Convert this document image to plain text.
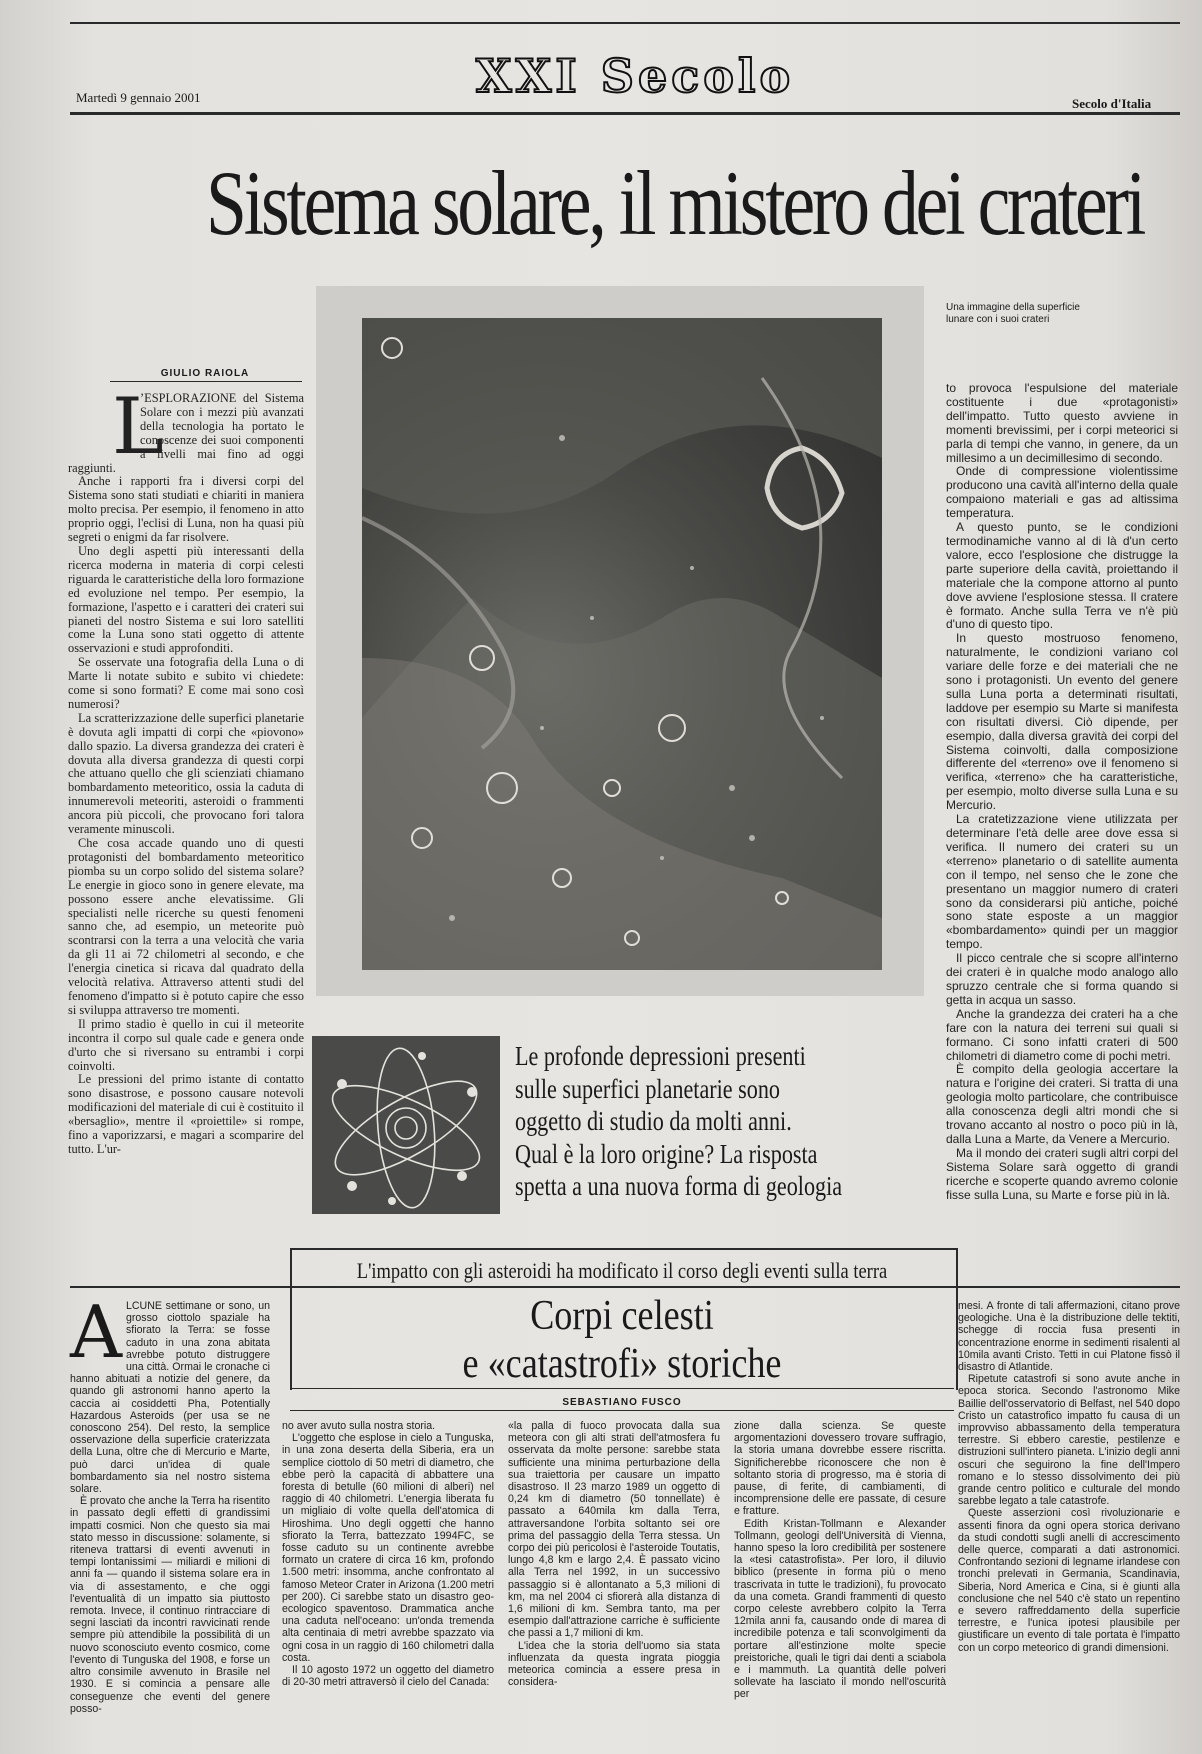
XXI Secolo
Martedì 9 gennaio 2001	Secolo d'Italia
Sistema solare, il mistero dei crateri
GIULIO RAIOLA
L

’ESPLORAZIONE del Sistema Solare con i mezzi più avanzati della tecnologia ha portato le conoscenze dei suoi componenti a livelli mai fino ad oggi raggiunti.

Anche i rapporti fra i diversi corpi del Sistema sono stati studiati e chiariti in maniera molto precisa. Per esempio, il fenomeno in atto proprio oggi, l'eclisi di Luna, non ha quasi più segreti o enigmi da far risolvere.

Uno degli aspetti più interessanti della ricerca moderna in materia di corpi celesti riguarda le caratteristiche della loro formazione ed evoluzione nel tempo. Per esempio, la formazione, l'aspetto e i caratteri dei crateri sui pianeti del nostro Sistema e sui loro satelliti come la Luna sono stati oggetto di attente osservazioni e studi approfonditi.

Se osservate una fotografia della Luna o di Marte li notate subito e subito vi chiedete: come si sono formati? E come mai sono così numerosi?

La scratterizzazione delle superfici planetarie è dovuta agli impatti di corpi che «piovono» dallo spazio. La diversa grandezza dei crateri è dovuta alla diversa grandezza di questi corpi che attuano quello che gli scienziati chiamano bombardamento meteoritico, ossia la caduta di innumerevoli meteoriti, asteroidi o frammenti ancora più piccoli, che provocano fori talora veramente minuscoli.

Che cosa accade quando uno di questi protagonisti del bombardamento meteoritico piomba su un corpo solido del sistema solare? Le energie in gioco sono in genere elevate, ma possono essere anche elevatissime. Gli specialisti nelle ricerche su questi fenomeni sanno che, ad esempio, un meteorite può scontrarsi con la terra a una velocità che varia da gli 11 ai 72 chilometri al secondo, e che l'energia cinetica si ricava dal quadrato della velocità relativa. Attraverso attenti studi del fenomeno d'impatto si è potuto capire che esso si sviluppa attraverso tre momenti.

Il primo stadio è quello in cui il meteorite incontra il corpo sul quale cade e genera onde d'urto che si riversano su entrambi i corpi coinvolti.

Le pressioni del primo istante di contatto sono disastrose, e possono causare notevoli modificazioni del materiale di cui è costituito il «bersaglio», mentre il «proiettile» si rompe, fino a vaporizzarsi, e magari a scomparire del tutto. L'ur-

Una immagine della superficie lunare con i suoi crateri

to provoca l'espulsione del materiale costituente i due «protagonisti» dell'impatto. Tutto questo avviene in momenti brevissimi, per i corpi meteorici si parla di tempi che vanno, in genere, da un millesimo a un decimillesimo di secondo.

Onde di compressione violentissime producono una cavità all'interno della quale compaiono materiali e gas ad altissima temperatura.

A questo punto, se le condizioni termodinamiche vanno al di là d'un certo valore, ecco l'esplosione che distrugge la parte superiore della cavità, proiettando il materiale che la compone attorno al punto dove avviene l'esplosione stessa. Il cratere è formato. Anche sulla Terra ve n'è più d'uno di questo tipo.

In questo mostruoso fenomeno, naturalmente, le condizioni variano col variare delle forze e dei materiali che ne sono i protagonisti. Un evento del genere sulla Luna porta a determinati risultati, laddove per esempio su Marte si manifesta con risultati diversi. Ciò dipende, per esempio, dalla diversa gravità dei corpi del Sistema coinvolti, dalla composizione differente del «terreno» ove il fenomeno si verifica, «terreno» che ha caratteristiche, per esempio, molto diverse sulla Luna e su Mercurio.

La cratetizzazione viene utilizzata per determinare l'età delle aree dove essa si verifica. Il numero dei crateri su un «terreno» planetario o di satellite aumenta con il tempo, nel senso che le zone che presentano un maggior numero di crateri sono da considerarsi più antiche, poiché sono state esposte a un maggior «bombardamento» quindi per un maggior tempo.

Il picco centrale che si scopre all'interno dei crateri è in qualche modo analogo allo spruzzo centrale che si forma quando si getta in acqua un sasso.

Anche la grandezza dei crateri ha a che fare con la natura dei terreni sui quali si formano. Ci sono infatti crateri di 500 chilometri di diametro come di pochi metri.

È compito della geologia accertare la natura e l'origine dei crateri. Si tratta di una geologia molto particolare, che contribuisce alla conoscenza degli altri mondi che si trovano accanto al nostro o poco più in là, dalla Luna a Marte, da Venere a Mercurio.

Ma il mondo dei crateri sugli altri corpi del Sistema Solare sarà oggetto di grandi ricerche e scoperte quando avremo colonie fisse sulla Luna, su Marte e forse più in là.

Le profonde depressioni presenti
sulle superfici planetarie sono
oggetto di studio da molti anni.
Qual è la loro origine? La risposta
spetta a una nuova forma di geologia
L'impatto con gli asteroidi ha modificato il corso degli eventi sulla terra
Corpi celesti
e «catastrofi» storiche
SEBASTIANO FUSCO
A LCUNE settimane or sono, un grosso ciottolo spaziale ha sfiorato la Terra: se fosse caduto in una zona abitata avrebbe potuto distruggere una città. Ormai le cronache ci hanno abituati a notizie del genere, da quando gli astronomi hanno aperto la caccia ai cosiddetti Pha, Potentially Hazardous Asteroids (per usa se ne conoscono 254). Del resto, la semplice osservazione della superficie craterizzata della Luna, oltre che di Mercurio e Marte, può darci un'idea di quale bombardamento sia nel nostro sistema solare.

È provato che anche la Terra ha risentito in passato degli effetti di grandissimi impatti cosmici. Non che questo sia mai stato messo in discussione: solamente, si riteneva trattarsi di eventi avvenuti in tempi lontanissimi — miliardi e milioni di anni fa — quando il sistema solare era in via di assestamento, e che oggi l'eventualità di un impatto sia piuttosto remota. Invece, il continuo rintracciare di segni lasciati da incontri ravvicinati rende sempre più attendibile la possibilità di un nuovo sconosciuto evento cosmico, come l'evento di Tunguska del 1908, e forse un altro consimile avvenuto in Brasile nel 1930. E si comincia a pensare alle conseguenze che eventi del genere posso-

no aver avuto sulla nostra storia.

L'oggetto che esplose in cielo a Tunguska, in una zona deserta della Siberia, era un semplice ciottolo di 50 metri di diametro, che ebbe però la capacità di abbattere una foresta di betulle (60 milioni di alberi) nel raggio di 40 chilometri. L'energia liberata fu un migliaio di volte quella dell'atomica di Hiroshima. Uno degli oggetti che hanno sfiorato la Terra, battezzato 1994FC, se fosse caduto su un continente avrebbe formato un cratere di circa 16 km, profondo 1.500 metri: insomma, anche confrontato al famoso Meteor Crater in Arizona (1.200 metri per 200). Ci sarebbe stato un disastro geo-ecologico spaventoso. Drammatica anche una caduta nell'oceano: un'onda tremenda alta centinaia di metri avrebbe spazzato via ogni cosa in un raggio di 160 chilometri dalla costa.

Il 10 agosto 1972 un oggetto del diametro di 20-30 metri attraversò il cielo del Canada:

«la palla di fuoco provocata dalla sua meteora con gli alti strati dell'atmosfera fu osservata da molte persone: sarebbe stata sufficiente una minima perturbazione della sua traiettoria per causare un impatto disastroso. Il 23 marzo 1989 un oggetto di 0,24 km di diametro (50 tonnellate) è passato a 640mila km dalla Terra, attraversandone l'orbita soltanto sei ore prima del passaggio della Terra stessa. Un corpo dei più pericolosi è l'asteroide Toutatis, lungo 4,8 km e largo 2,4. È passato vicino alla Terra nel 1992, in un successivo passaggio si è allontanato a 5,3 milioni di km, ma nel 2004 ci sfiorerà alla distanza di 1,6 milioni di km. Sembra tanto, ma per esempio dall'attrazione carriche è sufficiente che passi a 1,7 milioni di km.

L'idea che la storia dell'uomo sia stata influenzata da questa ingrata pioggia meteorica comincia a essere presa in considera-

zione dalla scienza. Se queste argomentazioni dovessero trovare suffragio, la storia umana dovrebbe essere riscritta. Significherebbe riconoscere che non è soltanto storia di progresso, ma è storia di pause, di ferite, di cambiamenti, di incomprensione delle ere passate, di cesure e fratture.

Edith Kristan-Tollmann e Alexander Tollmann, geologi dell'Università di Vienna, hanno speso la loro credibilità per sostenere la «tesi catastrofista». Per loro, il diluvio biblico (presente in forma più o meno trascrivata in tutte le tradizioni), fu provocato da una cometa. Grandi frammenti di questo corpo celeste avrebbero colpito la Terra 12mila anni fa, causando onde di marea di incredibile potenza e tali sconvolgimenti da portare all'estinzione molte specie preistoriche, quali le tigri dai denti a sciabola e i mammuth. La quantità delle polveri sollevate ha lasciato il mondo nell'oscurità per

mesi. A fronte di tali affermazioni, citano prove geologiche. Una è la distribuzione delle tektiti, schegge di roccia fusa presenti in concentrazione enorme in sedimenti risalenti al 10mila avanti Cristo. Tetti in cui Platone fissò il disastro di Atlantide.

Ripetute catastrofi si sono avute anche in epoca storica. Secondo l'astronomo Mike Baillie dell'osservatorio di Belfast, nel 540 dopo Cristo un catastrofico impatto fu causa di un improvviso abbassamento della temperatura terrestre. Si ebbero carestie, pestilenze e distruzioni sull'intero pianeta. L'inizio degli anni oscuri che seguirono la fine dell'Impero romano e lo stesso dissolvimento dei più grande centro politico e culturale del mondo sarebbe legato a tale catastrofe.

Queste asserzioni così rivoluzionarie e assenti finora da ogni opera storica derivano da studi condotti sugli anelli di accrescimento delle querce, comparati a dati astronomici. Confrontando sezioni di legname irlandese con tronchi prelevati in Germania, Scandinavia, Siberia, Nord America e Cina, si è giunti alla conclusione che nel 540 c'è stato un repentino e severo raffreddamento della superficie terrestre, e l'unica ipotesi plausibile per giustificare un evento di tale portata è l'impatto con un corpo meteorico di grandi dimensioni.
